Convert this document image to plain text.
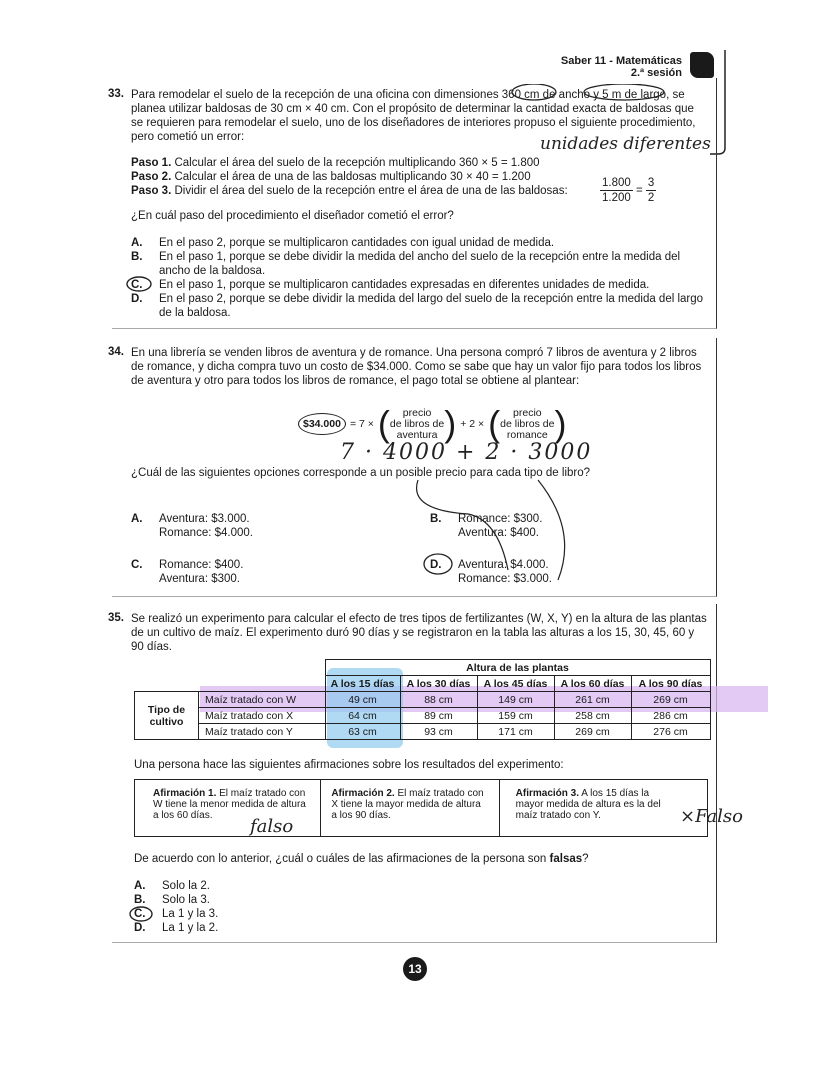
Saber 11 - Matemáticas
2.ª sesión
33. Para remodelar el suelo de la recepción de una oficina con dimensiones 360 cm de ancho y 5 m de largo, se planea utilizar baldosas de 30 cm × 40 cm. Con el propósito de determinar la cantidad exacta de baldosas que se requieren para remodelar el suelo, uno de los diseñadores de interiores propuso el siguiente procedimiento, pero cometió un error:	unidades diferentes
Paso 1. Calcular el área del suelo de la recepción multiplicando 360 × 5 = 1.800
Paso 2. Calcular el área de una de las baldosas multiplicando 30 × 40 = 1.200
Paso 3. Dividir el área del suelo de la recepción entre el área de una de las baldosas:	$\frac{1.800}{1.200} = \frac{3}{2}$
¿En cuál paso del procedimiento el diseñador cometió el error?
A.	En el paso 2, porque se multiplicaron cantidades con igual unidad de medida.
B.	En el paso 1, porque se debe dividir la medida del ancho del suelo de la recepción entre la medida del ancho de la baldosa.
C.	En el paso 1, porque se multiplicaron cantidades expresadas en diferentes unidades de medida.
D.	En el paso 2, porque se debe dividir la medida del largo del suelo de la recepción entre la medida del largo de la baldosa.
34. En una librería se venden libros de aventura y de romance. Una persona compró 7 libros de aventura y 2 libros de romance, y dicha compra tuvo un costo de $34.000. Como se sabe que hay un valor fijo para todos los libros de aventura y otro para todos los libros de romance, el pago total se obtiene al plantear:
$34.000 = 7 × (	precio
de libros de
aventura ) + 2 × (	precio
de libros de
romance )
7 · 4000 + 2 · 3000
¿Cuál de las siguientes opciones corresponde a un posible precio para cada tipo de libro?
A.	Aventura: $3.000.
Romance: $4.000.
B.	Romance: $300.
Aventura: $400.
C.	Romance: $400.
Aventura: $300.
D.	Aventura: $4.000.
Romance: $3.000.
35. Se realizó un experimento para calcular el efecto de tres tipos de fertilizantes (W, X, Y) en la altura de las plantas de un cultivo de maíz. El experimento duró 90 días y se registraron en la tabla las alturas a los 15, 30, 45, 60 y 90 días.
		Altura de las plantas				
		A los 15 días	A los 30 días	A los 45 días	A los 60 días	A los 90 días
Tipo de cultivo	Maíz tratado con W	49 cm	88 cm	149 cm	261 cm	269 cm
	Maíz tratado con X	64 cm	89 cm	159 cm	258 cm	286 cm
	Maíz tratado con Y	63 cm	93 cm	171 cm	269 cm	276 cm
Una persona hace las siguientes afirmaciones sobre los resultados del experimento:
Afirmación 1. El maíz tratado con W tiene la menor medida de altura a los 60 días.
Afirmación 2. El maíz tratado con X tiene la mayor medida de altura a los 90 días.
Afirmación 3. A los 15 días la mayor medida de altura es la del maíz tratado con Y.
falso	×Falso
De acuerdo con lo anterior, ¿cuál o cuáles de las afirmaciones de la persona son falsas?
A.	Solo la 2.
B.	Solo la 3.
C.	La 1 y la 3.
D.	La 1 y la 2.
13
